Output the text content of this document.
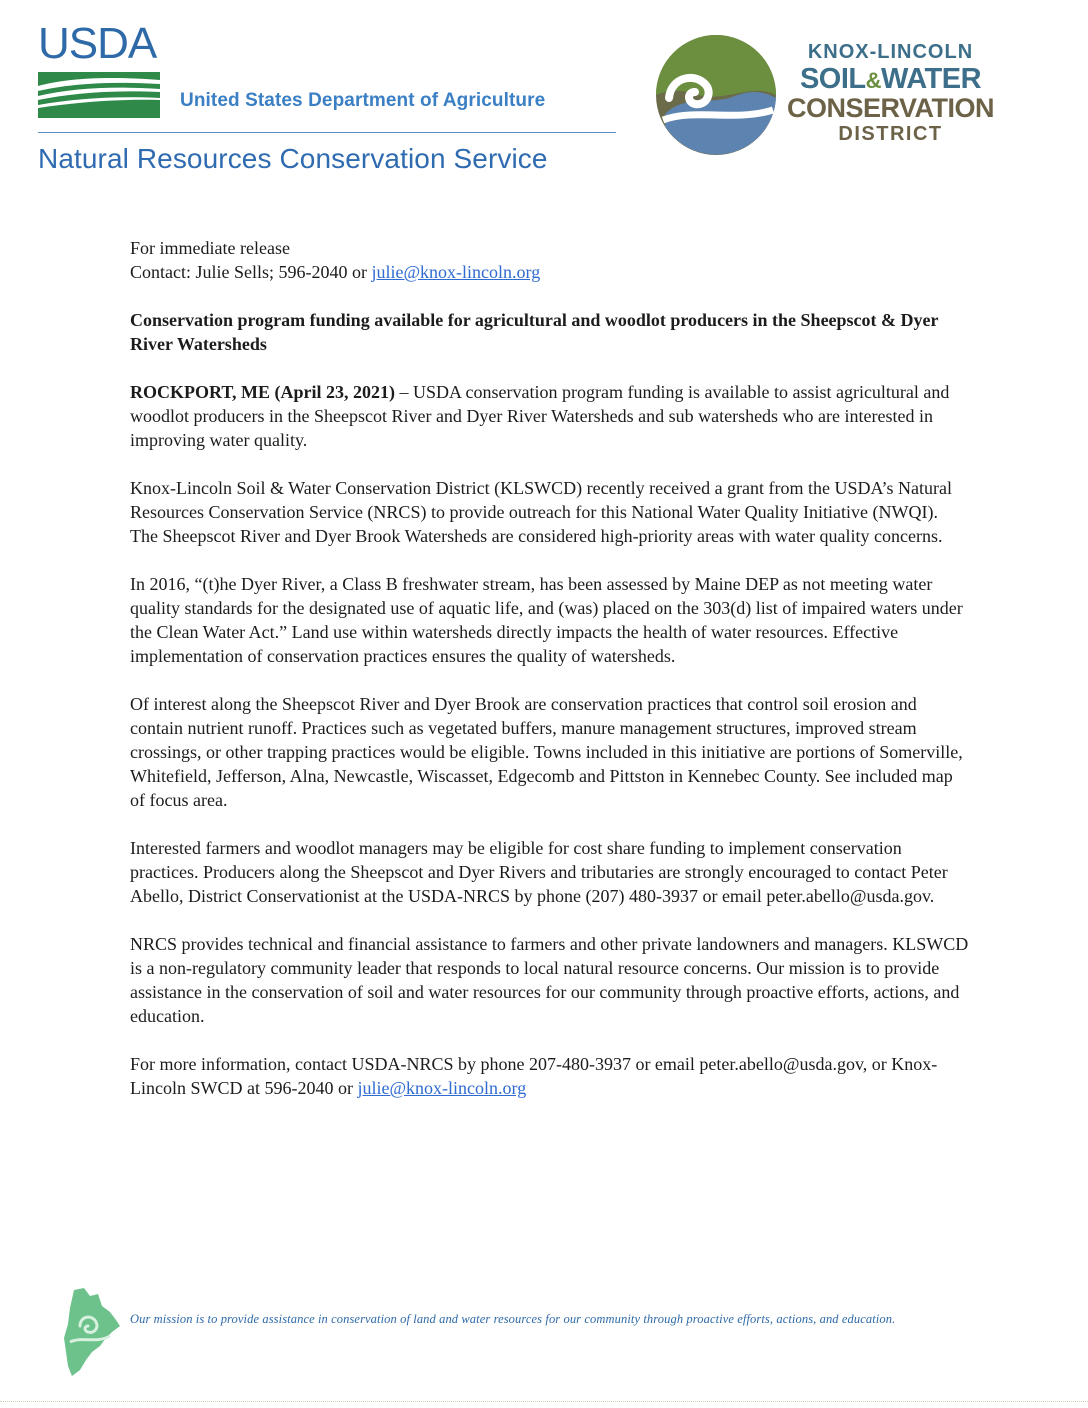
USDA
United States Department of Agriculture
Natural Resources Conservation Service
KNOX-LINCOLN
SOIL&WATER
CONSERVATION
DISTRICT

For immediate release
Contact: Julie Sells; 596-2040 or julie@knox-lincoln.org

Conservation program funding available for agricultural and woodlot producers in the Sheepscot & Dyer River Watersheds

ROCKPORT, ME (April 23, 2021) – USDA conservation program funding is available to assist agricultural and woodlot producers in the Sheepscot River and Dyer River Watersheds and sub watersheds who are interested in improving water quality.

Knox-Lincoln Soil & Water Conservation District (KLSWCD) recently received a grant from the USDA’s Natural Resources Conservation Service (NRCS) to provide outreach for this National Water Quality Initiative (NWQI). The Sheepscot River and Dyer Brook Watersheds are considered high-priority areas with water quality concerns.

In 2016, “(t)he Dyer River, a Class B freshwater stream, has been assessed by Maine DEP as not meeting water quality standards for the designated use of aquatic life, and (was) placed on the 303(d) list of impaired waters under the Clean Water Act.” Land use within watersheds directly impacts the health of water resources. Effective implementation of conservation practices ensures the quality of watersheds.

Of interest along the Sheepscot River and Dyer Brook are conservation practices that control soil erosion and contain nutrient runoff. Practices such as vegetated buffers, manure management structures, improved stream crossings, or other trapping practices would be eligible. Towns included in this initiative are portions of Somerville, Whitefield, Jefferson, Alna, Newcastle, Wiscasset, Edgecomb and Pittston in Kennebec County. See included map of focus area.

Interested farmers and woodlot managers may be eligible for cost share funding to implement conservation practices. Producers along the Sheepscot and Dyer Rivers and tributaries are strongly encouraged to contact Peter Abello, District Conservationist at the USDA-NRCS by phone (207) 480-3937 or email peter.abello@usda.gov.

NRCS provides technical and financial assistance to farmers and other private landowners and managers. KLSWCD is a non-regulatory community leader that responds to local natural resource concerns. Our mission is to provide assistance in the conservation of soil and water resources for our community through proactive efforts, actions, and education.

For more information, contact USDA-NRCS by phone 207-480-3937 or email peter.abello@usda.gov, or Knox-Lincoln SWCD at 596-2040 or julie@knox-lincoln.org

Our mission is to provide assistance in conservation of land and water resources for our community through proactive efforts, actions, and education.
